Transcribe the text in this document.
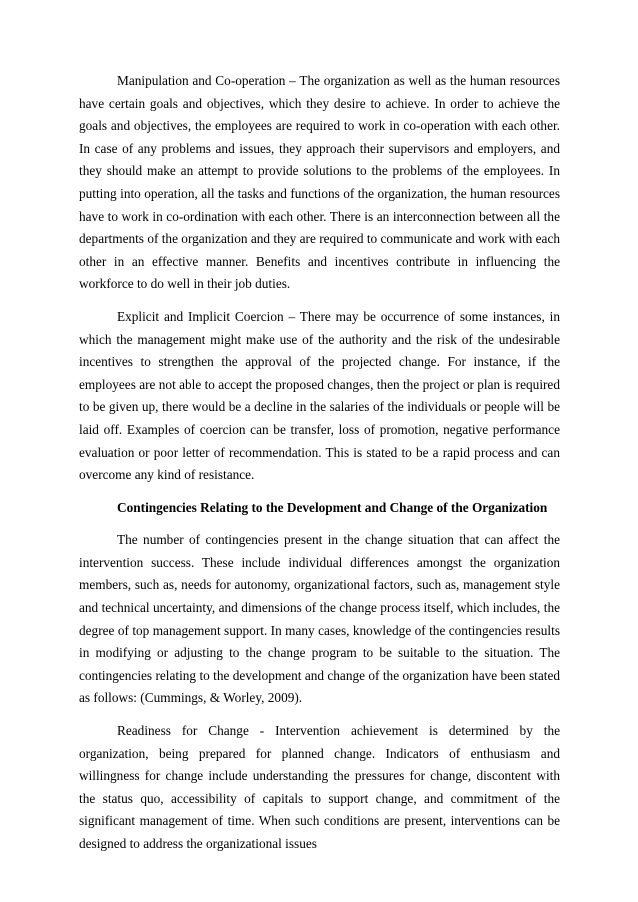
Manipulation and Co-operation – The organization as well as the human resources have certain goals and objectives, which they desire to achieve. In order to achieve the goals and objectives, the employees are required to work in co-operation with each other. In case of any problems and issues, they approach their supervisors and employers, and they should make an attempt to provide solutions to the problems of the employees. In putting into operation, all the tasks and functions of the organization, the human resources have to work in co-ordination with each other. There is an interconnection between all the departments of the organization and they are required to communicate and work with each other in an effective manner. Benefits and incentives contribute in influencing the workforce to do well in their job duties.

Explicit and Implicit Coercion – There may be occurrence of some instances, in which the management might make use of the authority and the risk of the undesirable incentives to strengthen the approval of the projected change. For instance, if the employees are not able to accept the proposed changes, then the project or plan is required to be given up, there would be a decline in the salaries of the individuals or people will be laid off. Examples of coercion can be transfer, loss of promotion, negative performance evaluation or poor letter of recommendation. This is stated to be a rapid process and can overcome any kind of resistance.

Contingencies Relating to the Development and Change of the Organization

The number of contingencies present in the change situation that can affect the intervention success. These include individual differences amongst the organization members, such as, needs for autonomy, organizational factors, such as, management style and technical uncertainty, and dimensions of the change process itself, which includes, the degree of top management support. In many cases, knowledge of the contingencies results in modifying or adjusting to the change program to be suitable to the situation. The contingencies relating to the development and change of the organization have been stated as follows: (Cummings, & Worley, 2009).

Readiness for Change - Intervention achievement is determined by the organization, being prepared for planned change. Indicators of enthusiasm and willingness for change include understanding the pressures for change, discontent with the status quo, accessibility of capitals to support change, and commitment of the significant management of time. When such conditions are present, interventions can be designed to address the organizational issues
